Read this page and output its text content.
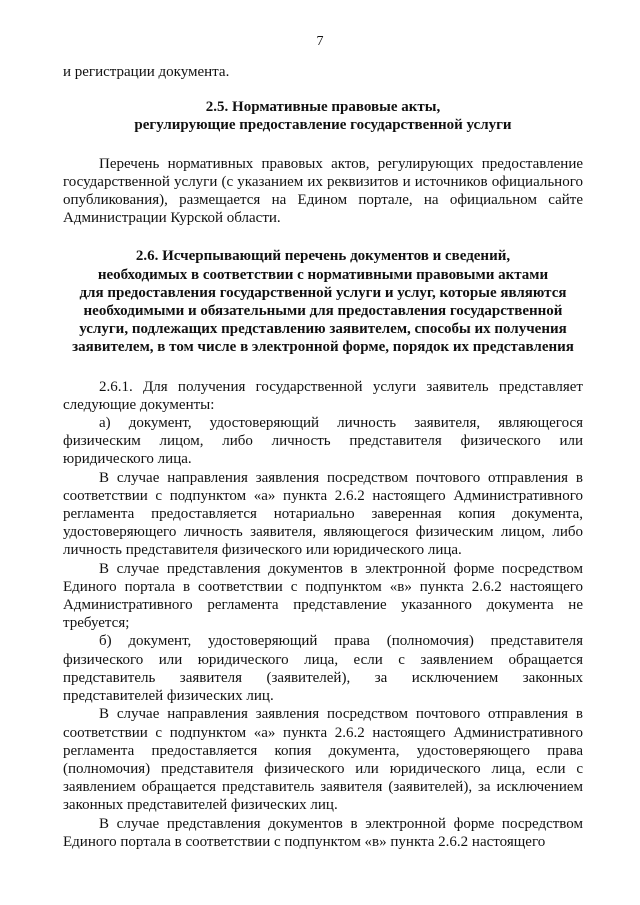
7

и регистрации документа.

2.5. Нормативные правовые акты,
регулирующие предоставление государственной услуги

Перечень нормативных правовых актов, регулирующих предоставление государственной услуги (с указанием их реквизитов и источников официального опубликования), размещается на Едином портале, на официальном сайте Администрации Курской области.

2.6. Исчерпывающий перечень документов и сведений,
необходимых в соответствии с нормативными правовыми актами
для предоставления государственной услуги и услуг, которые являются
необходимыми и обязательными для предоставления государственной
услуги, подлежащих представлению заявителем, способы их получения
заявителем, в том числе в электронной форме, порядок их представления

2.6.1. Для получения государственной услуги заявитель представляет следующие документы:

а) документ, удостоверяющий личность заявителя, являющегося физическим лицом, либо личность представителя физического или юридического лица.

В случае направления заявления посредством почтового отправления в соответствии с подпунктом «а» пункта 2.6.2 настоящего Административного регламента предоставляется нотариально заверенная копия документа, удостоверяющего личность заявителя, являющегося физическим лицом, либо личность представителя физического или юридического лица.

В случае представления документов в электронной форме посредством Единого портала в соответствии с подпунктом «в» пункта 2.6.2 настоящего Административного регламента представление указанного документа не требуется;

б) документ, удостоверяющий права (полномочия) представителя физического или юридического лица, если с заявлением обращается представитель заявителя (заявителей), за исключением законных представителей физических лиц.

В случае направления заявления посредством почтового отправления в соответствии с подпунктом «а» пункта 2.6.2 настоящего Административного регламента предоставляется копия документа, удостоверяющего права (полномочия) представителя физического или юридического лица, если с заявлением обращается представитель заявителя (заявителей), за исключением законных представителей физических лиц.

В случае представления документов в электронной форме посредством Единого портала в соответствии с подпунктом «в» пункта 2.6.2 настоящего
